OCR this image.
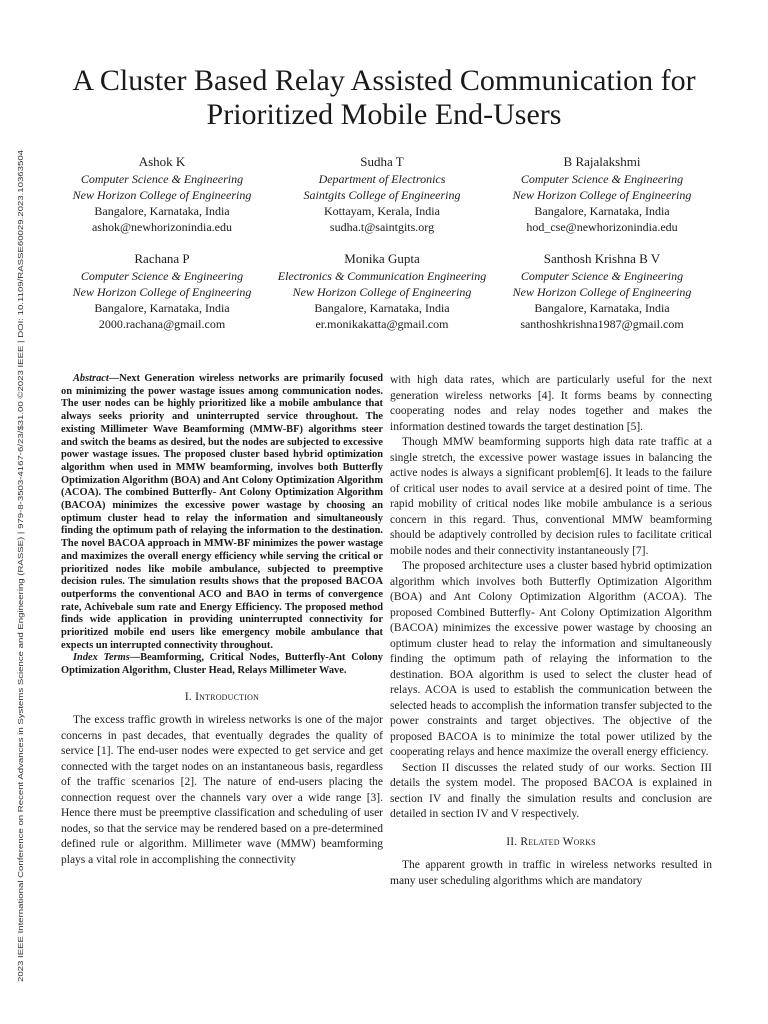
2023 IEEE International Conference on Recent Advances in Systems Science and Engineering (RASSE) | 979-8-3503-4167-6/23/$31.00 ©2023 IEEE | DOI: 10.1109/RASSE60029.2023.10363504
A Cluster Based Relay Assisted Communication for
Prioritized Mobile End-Users
Ashok K
Computer Science & Engineering
New Horizon College of Engineering
Bangalore, Karnataka, India
ashok@newhorizonindia.edu
Sudha T
Department of Electronics
Saintgits College of Engineering
Kottayam, Kerala, India
sudha.t@saintgits.org
B Rajalakshmi
Computer Science & Engineering
New Horizon College of Engineering
Bangalore, Karnataka, India
hod_cse@newhorizonindia.edu
Rachana P
Computer Science & Engineering
New Horizon College of Engineering
Bangalore, Karnataka, India
2000.rachana@gmail.com
Monika Gupta
Electronics & Communication Engineering
New Horizon College of Engineering
Bangalore, Karnataka, India
er.monikakatta@gmail.com
Santhosh Krishna B V
Computer Science & Engineering
New Horizon College of Engineering
Bangalore, Karnataka, India
santhoshkrishna1987@gmail.com

Abstract—Next Generation wireless networks are primarily focused on minimizing the power wastage issues among communication nodes. The user nodes can be highly prioritized like a mobile ambulance that always seeks priority and uninterrupted service throughout. The existing Millimeter Wave Beamforming (MMW-BF) algorithms steer and switch the beams as desired, but the nodes are subjected to excessive power wastage issues. The proposed cluster based hybrid optimization algorithm when used in MMW beamforming, involves both Butterfly Optimization Algorithm (BOA) and Ant Colony Optimization Algorithm (ACOA). The combined Butterfly- Ant Colony Optimization Algorithm (BACOA) minimizes the excessive power wastage by choosing an optimum cluster head to relay the information and simultaneously finding the optimum path of relaying the information to the destination. The novel BACOA approach in MMW-BF minimizes the power wastage and maximizes the overall energy efficiency while serving the critical or prioritized nodes like mobile ambulance, subjected to preemptive decision rules. The simulation results shows that the proposed BACOA outperforms the conventional ACO and BAO in terms of convergence rate, Achivebale sum rate and Energy Efficiency. The proposed method finds wide application in providing uninterrupted connectivity for prioritized mobile end users like emergency mobile ambulance that expects un interrupted connectivity throughout.

Index Terms—Beamforming, Critical Nodes, Butterfly-Ant Colony Optimization Algorithm, Cluster Head, Relays Millimeter Wave.

I. Introduction

The excess traffic growth in wireless networks is one of the major concerns in past decades, that eventually degrades the quality of service [1]. The end-user nodes were expected to get service and get connected with the target nodes on an instantaneous basis, regardless of the traffic scenarios [2]. The nature of end-users placing the connection request over the channels vary over a wide range [3]. Hence there must be preemptive classification and scheduling of user nodes, so that the service may be rendered based on a pre-determined defined rule or algorithm. Millimeter wave (MMW) beamforming plays a vital role in accomplishing the connectivity

with high data rates, which are particularly useful for the next generation wireless networks [4]. It forms beams by connecting cooperating nodes and relay nodes together and makes the information destined towards the target destination [5].

Though MMW beamforming supports high data rate traffic at a single stretch, the excessive power wastage issues in balancing the active nodes is always a significant problem[6]. It leads to the failure of critical user nodes to avail service at a desired point of time. The rapid mobility of critical nodes like mobile ambulance is a serious concern in this regard. Thus, conventional MMW beamforming should be adaptively controlled by decision rules to facilitate critical mobile nodes and their connectivity instantaneously [7].

The proposed architecture uses a cluster based hybrid optimization algorithm which involves both Butterfly Optimization Algorithm (BOA) and Ant Colony Optimization Algorithm (ACOA). The proposed Combined Butterfly- Ant Colony Optimization Algorithm (BACOA) minimizes the excessive power wastage by choosing an optimum cluster head to relay the information and simultaneously finding the optimum path of relaying the information to the destination. BOA algorithm is used to select the cluster head of relays. ACOA is used to establish the communication between the selected heads to accomplish the information transfer subjected to the power constraints and target objectives. The objective of the proposed BACOA is to minimize the total power utilized by the cooperating relays and hence maximize the overall energy efficiency.

Section II discusses the related study of our works. Section III details the system model. The proposed BACOA is explained in section IV and finally the simulation results and conclusion are detailed in section IV and V respectively.

II. Related Works

The apparent growth in traffic in wireless networks resulted in many user scheduling algorithms which are mandatory
